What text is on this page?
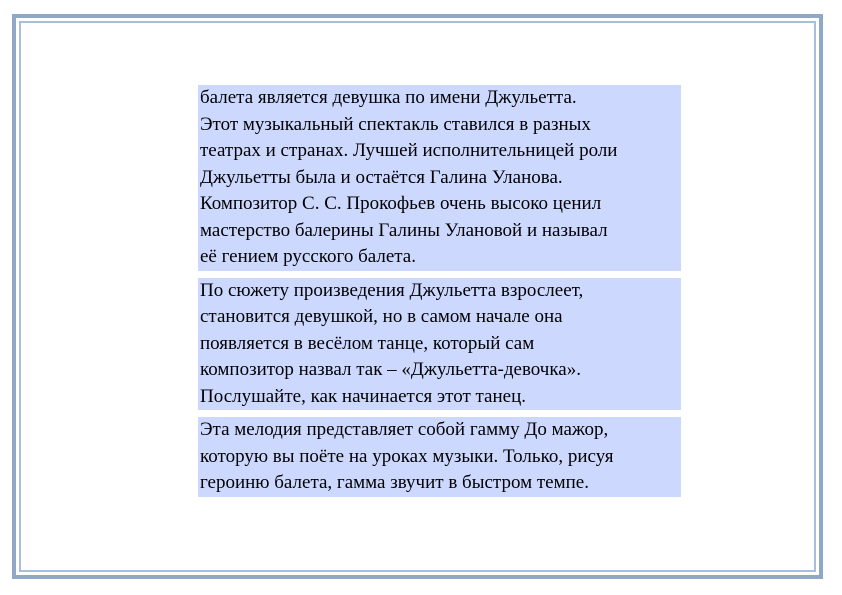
балета является девушка по имени Джульетта.
Этот музыкальный спектакль ставился в разных
театрах и странах. Лучшей исполнительницей роли
Джульетты была и остаётся Галина Уланова.
Композитор С. С. Прокофьев очень высоко ценил
мастерство балерины Галины Улановой и называл
её гением русского балета.

По сюжету произведения Джульетта взрослеет,
становится девушкой, но в самом начале она
появляется в весёлом танце, который сам
композитор назвал так – «Джульетта-девочка».
Послушайте, как начинается этот танец.

Эта мелодия представляет собой гамму До мажор,
которую вы поёте на уроках музыки. Только, рисуя
героиню балета, гамма звучит в быстром темпе.
